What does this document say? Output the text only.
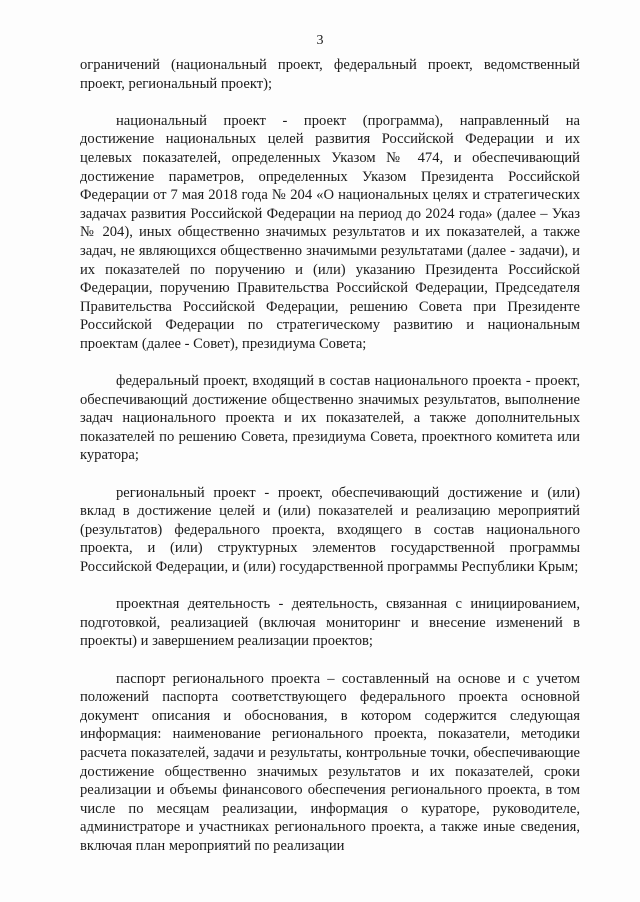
3

ограничений (национальный проект, федеральный проект, ведомственный проект, региональный проект);

национальный проект - проект (программа), направленный на достижение национальных целей развития Российской Федерации и их целевых показателей, определенных Указом № 474, и обеспечивающий достижение параметров, определенных Указом Президента Российской Федерации от 7 мая 2018 года № 204 «О национальных целях и стратегических задачах развития Российской Федерации на период до 2024 года» (далее – Указ № 204), иных общественно значимых результатов и их показателей, а также задач, не являющихся общественно значимыми результатами (далее - задачи), и их показателей по поручению и (или) указанию Президента Российской Федерации, поручению Правительства Российской Федерации, Председателя Правительства Российской Федерации, решению Совета при Президенте Российской Федерации по стратегическому развитию и национальным проектам (далее - Совет), президиума Совета;

федеральный проект, входящий в состав национального проекта - проект, обеспечивающий достижение общественно значимых результатов, выполнение задач национального проекта и их показателей, а также дополнительных показателей по решению Совета, президиума Совета, проектного комитета или куратора;

региональный проект - проект, обеспечивающий достижение и (или) вклад в достижение целей и (или) показателей и реализацию мероприятий (результатов) федерального проекта, входящего в состав национального проекта, и (или) структурных элементов государственной программы Российской Федерации, и (или) государственной программы Республики Крым;

проектная деятельность - деятельность, связанная с инициированием, подготовкой, реализацией (включая мониторинг и внесение изменений в проекты) и завершением реализации проектов;

паспорт регионального проекта – составленный на основе и с учетом положений паспорта соответствующего федерального проекта основной документ описания и обоснования, в котором содержится следующая информация: наименование регионального проекта, показатели, методики расчета показателей, задачи и результаты, контрольные точки, обеспечивающие достижение общественно значимых результатов и их показателей, сроки реализации и объемы финансового обеспечения регионального проекта, в том числе по месяцам реализации, информация о кураторе, руководителе, администраторе и участниках регионального проекта, а также иные сведения, включая план мероприятий по реализации
